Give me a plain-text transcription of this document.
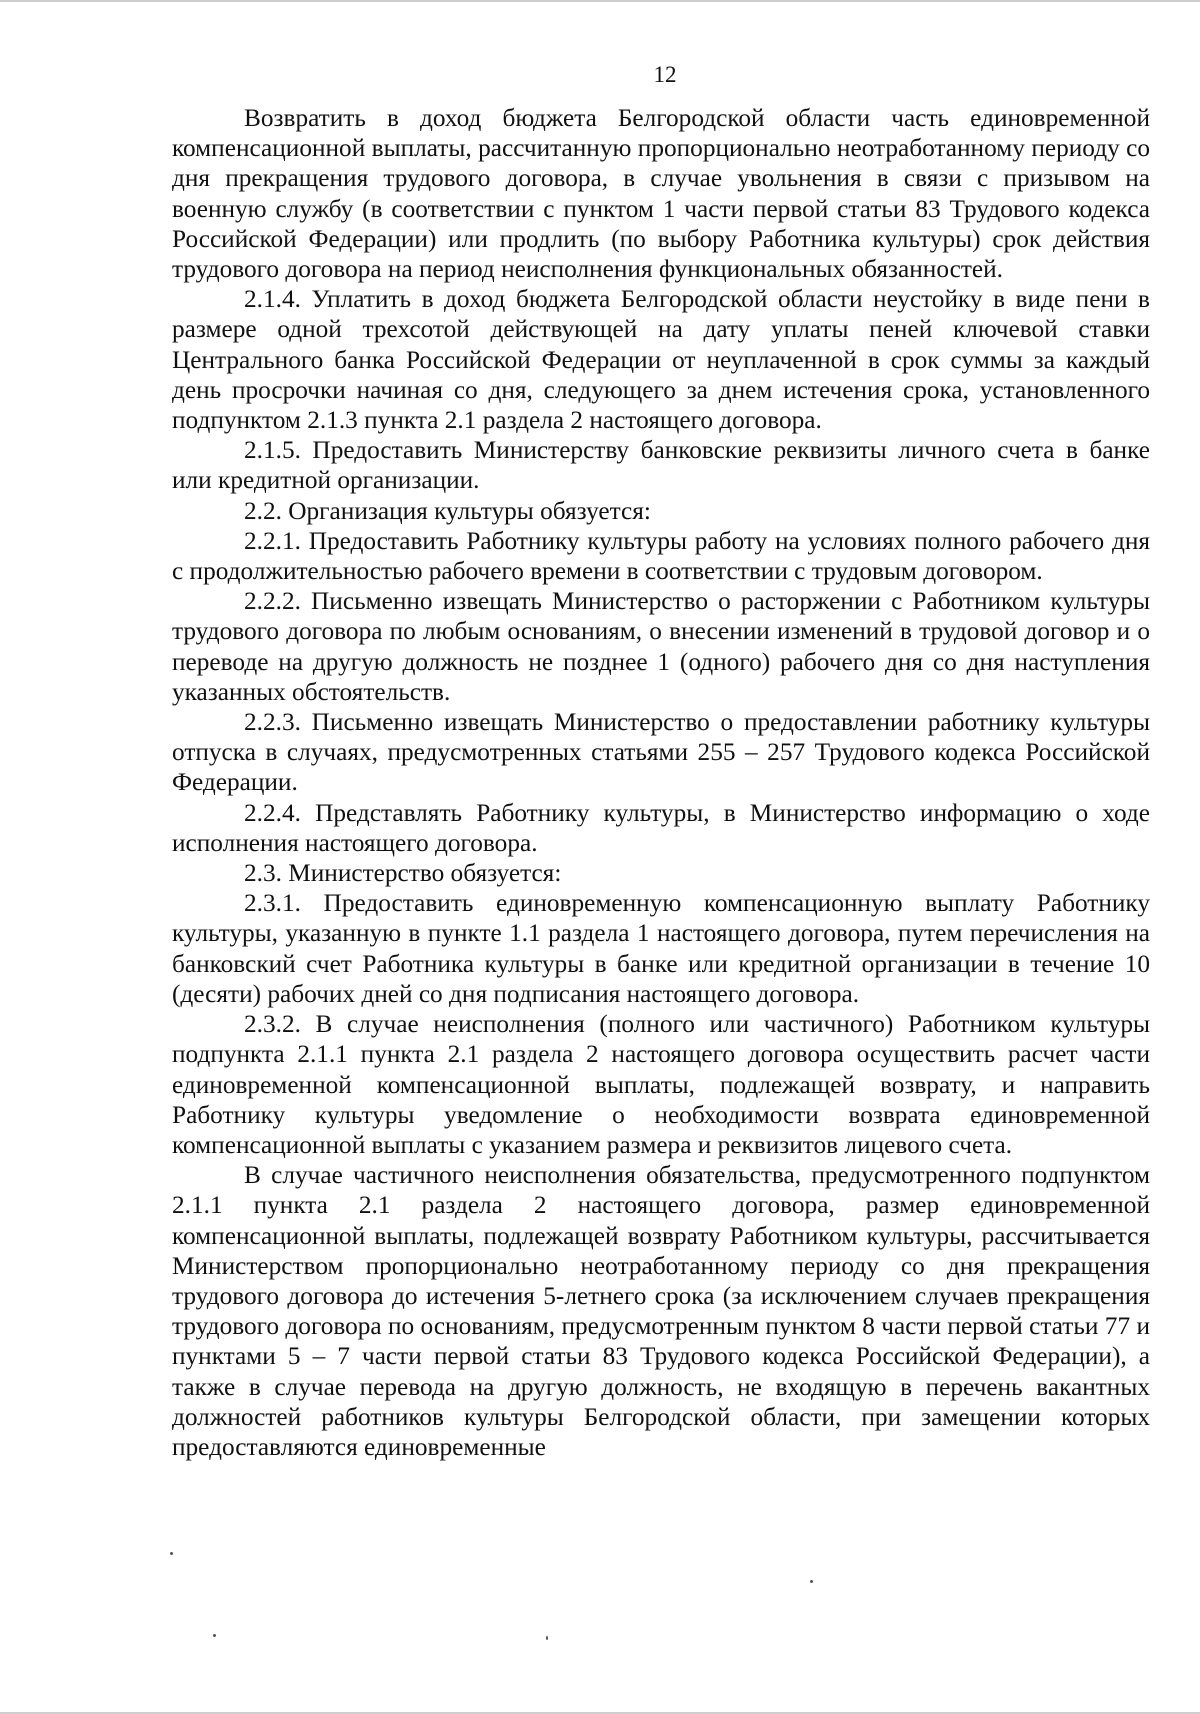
12

Возвратить в доход бюджета Белгородской области часть единовременной компенсационной выплаты, рассчитанную пропорционально неотработанному периоду со дня прекращения трудового договора, в случае увольнения в связи с призывом на военную службу (в соответствии с пунктом 1 части первой статьи 83 Трудового кодекса Российской Федерации) или продлить (по выбору Работника культуры) срок действия трудового договора на период неисполнения функциональных обязанностей.

2.1.4. Уплатить в доход бюджета Белгородской области неустойку в виде пени в размере одной трехсотой действующей на дату уплаты пеней ключевой ставки Центрального банка Российской Федерации от неуплаченной в срок суммы за каждый день просрочки начиная со дня, следующего за днем истечения срока, установленного подпунктом 2.1.3 пункта 2.1 раздела 2 настоящего договора.

2.1.5. Предоставить Министерству банковские реквизиты личного счета в банке или кредитной организации.

2.2. Организация культуры обязуется:

2.2.1. Предоставить Работнику культуры работу на условиях полного рабочего дня с продолжительностью рабочего времени в соответствии с трудовым договором.

2.2.2. Письменно извещать Министерство о расторжении с Работником культуры трудового договора по любым основаниям, о внесении изменений в трудовой договор и о переводе на другую должность не позднее 1 (одного) рабочего дня со дня наступления указанных обстоятельств.

2.2.3. Письменно извещать Министерство о предоставлении работнику культуры отпуска в случаях, предусмотренных статьями 255 – 257 Трудового кодекса Российской Федерации.

2.2.4. Представлять Работнику культуры, в Министерство информацию о ходе исполнения настоящего договора.

2.3. Министерство обязуется:

2.3.1. Предоставить единовременную компенсационную выплату Работнику культуры, указанную в пункте 1.1 раздела 1 настоящего договора, путем перечисления на банковский счет Работника культуры в банке или кредитной организации в течение 10 (десяти) рабочих дней со дня подписания настоящего договора.

2.3.2. В случае неисполнения (полного или частичного) Работником культуры подпункта 2.1.1 пункта 2.1 раздела 2 настоящего договора осуществить расчет части единовременной компенсационной выплаты, подлежащей возврату, и направить Работнику культуры уведомление о необходимости возврата единовременной компенсационной выплаты с указанием размера и реквизитов лицевого счета.

В случае частичного неисполнения обязательства, предусмотренного подпунктом 2.1.1 пункта 2.1 раздела 2 настоящего договора, размер единовременной компенсационной выплаты, подлежащей возврату Работником культуры, рассчитывается Министерством пропорционально неотработанному периоду со дня прекращения трудового договора до истечения 5-летнего срока (за исключением случаев прекращения трудового договора по основаниям, предусмотренным пунктом 8 части первой статьи 77 и пунктами 5 – 7 части первой статьи 83 Трудового кодекса Российской Федерации), а также в случае перевода на другую должность, не входящую в перечень вакантных должностей работников культуры Белгородской области, при замещении которых предоставляются единовременные
